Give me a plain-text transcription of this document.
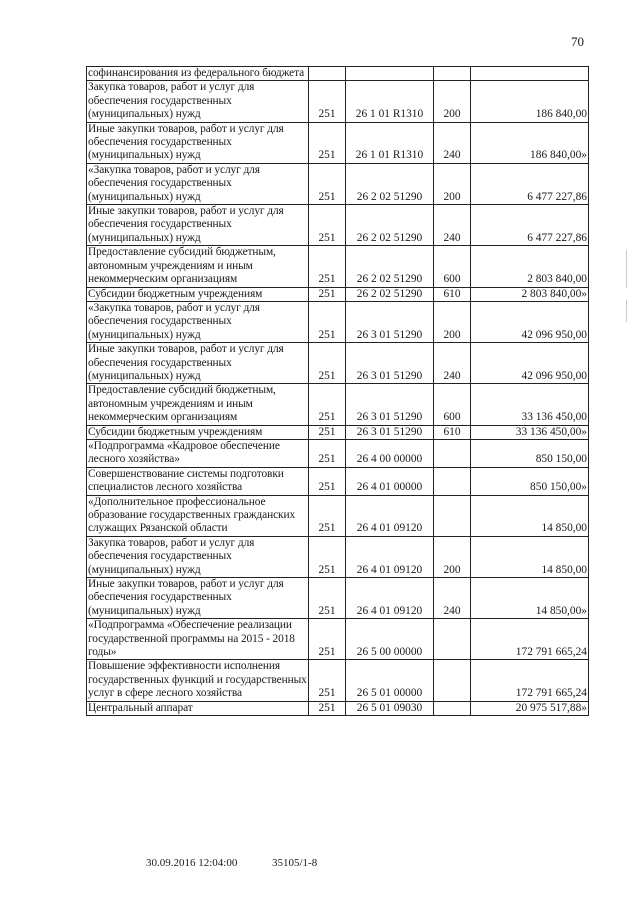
70
софинансирования из федерального бюджета				
Закупка товаров, работ и услуг для обеспечения государственных (муниципальных) нужд	251	26 1 01 R1310	200	186 840,00
Иные закупки товаров, работ и услуг для обеспечения государственных (муниципальных) нужд	251	26 1 01 R1310	240	186 840,00»
«Закупка товаров, работ и услуг для обеспечения государственных (муниципальных) нужд	251	26 2 02 51290	200	6 477 227,86
Иные закупки товаров, работ и услуг для обеспечения государственных (муниципальных) нужд	251	26 2 02 51290	240	6 477 227,86
Предоставление субсидий бюджетным, автономным учреждениям и иным некоммерческим организациям	251	26 2 02 51290	600	2 803 840,00
Субсидии бюджетным учреждениям	251	26 2 02 51290	610	2 803 840,00»
«Закупка товаров, работ и услуг для обеспечения государственных (муниципальных) нужд	251	26 3 01 51290	200	42 096 950,00
Иные закупки товаров, работ и услуг для обеспечения государственных (муниципальных) нужд	251	26 3 01 51290	240	42 096 950,00
Предоставление субсидий бюджетным, автономным учреждениям и иным некоммерческим организациям	251	26 3 01 51290	600	33 136 450,00
Субсидии бюджетным учреждениям	251	26 3 01 51290	610	33 136 450,00»
«Подпрограмма «Кадровое обеспечение лесного хозяйства»	251	26 4 00 00000		850 150,00
Совершенствование системы подготовки специалистов лесного хозяйства	251	26 4 01 00000		850 150,00»
«Дополнительное профессиональное образование государственных гражданских служащих Рязанской области	251	26 4 01 09120		14 850,00
Закупка товаров, работ и услуг для обеспечения государственных (муниципальных) нужд	251	26 4 01 09120	200	14 850,00
Иные закупки товаров, работ и услуг для обеспечения государственных (муниципальных) нужд	251	26 4 01 09120	240	14 850,00»
«Подпрограмма «Обеспечение реализации государственной программы на 2015 - 2018 годы»	251	26 5 00 00000		172 791 665,24
Повышение эффективности исполнения государственных функций и государственных услуг в сфере лесного хозяйства	251	26 5 01 00000		172 791 665,24
Центральный аппарат	251	26 5 01 09030		20 975 517,88»
30.09.2016 12:04:00	35105/1-8
